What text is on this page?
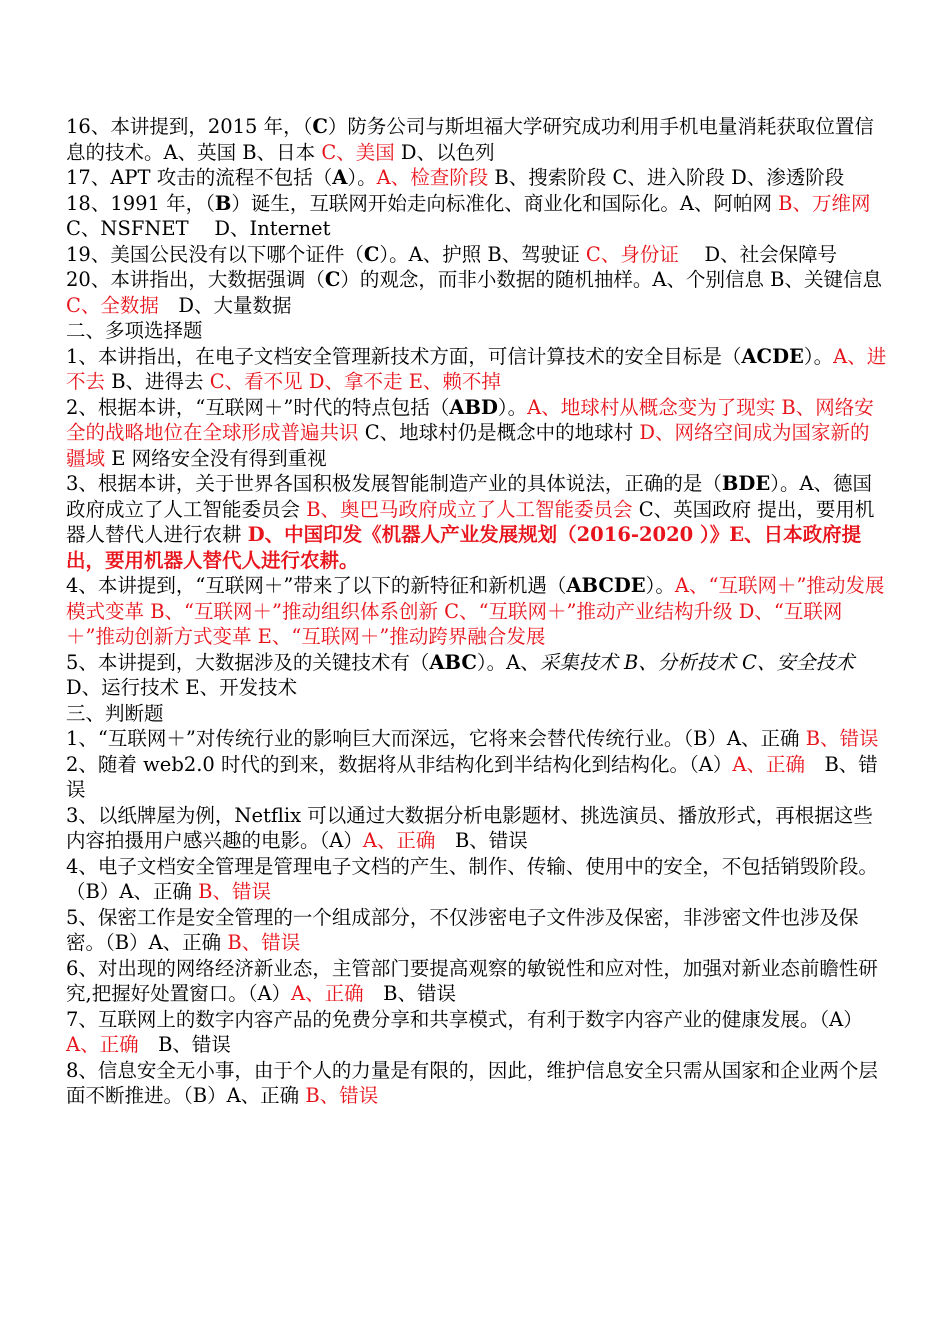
16、本讲提到，2015 年，（C）防务公司与斯坦福大学研究成功利用手机电量消耗获取位置信息的技术。A、英国 B、日本 C、美国 D、以色列

17、APT 攻击的流程不包括（A）。A、检查阶段 B、搜索阶段 C、进入阶段 D、渗透阶段

18、1991 年，（B）诞生，互联网开始走向标准化、商业化和国际化。A、阿帕网 B、万维网 C、NSFNET　 D、Internet

19、美国公民没有以下哪个证件（C）。A、护照 B、驾驶证 C、身份证　 D、社会保障号

20、本讲指出，大数据强调（C）的观念，而非小数据的随机抽样。A、个别信息 B、关键信息　C、全数据　D、大量数据

二、多项选择题

1、本讲指出，在电子文档安全管理新技术方面，可信计算技术的安全目标是（ACDE）。A、进不去 B、进得去 C、看不见 D、拿不走 E、赖不掉

2、根据本讲，“互联网＋”时代的特点包括（ABD）。A、地球村从概念变为了现实 B、网络安全的战略地位在全球形成普遍共识 C、地球村仍是概念中的地球村 D、网络空间成为国家新的疆域 E 网络安全没有得到重视

3、根据本讲，关于世界各国积极发展智能制造产业的具体说法，正确的是（BDE）。A、德国政府成立了人工智能委员会 B、奥巴马政府成立了人工智能委员会 C、英国政府 提出，要用机器人替代人进行农耕 D、中国印发《机器人产业发展规划（2016-2020 ）》E、日本政府提出，要用机器人替代人进行农耕。

4、本讲提到，“互联网＋”带来了以下的新特征和新机遇（ABCDE）。A、“互联网＋”推动发展模式变革 B、“互联网＋”推动组织体系创新 C、“互联网＋”推动产业结构升级 D、“互联网＋”推动创新方式变革 E、“互联网＋”推动跨界融合发展

5、本讲提到，大数据涉及的关键技术有（ABC）。A、采集技术 B、分析技术 C、安全技术 D、运行技术 E、开发技术

三、判断题

1、“互联网＋”对传统行业的影响巨大而深远，它将来会替代传统行业。（B）A、正确 B、错误

2、随着 web2.0 时代的到来，数据将从非结构化到半结构化到结构化。（A）A、正确　B、错误

3、以纸牌屋为例，Netflix 可以通过大数据分析电影题材、挑选演员、播放形式，再根据这些内容拍摄用户感兴趣的电影。（A）A、正确　B、错误

4、电子文档安全管理是管理电子文档的产生、制作、传输、使用中的安全，不包括销毁阶段。（B）A、正确 B、错误

5、保密工作是安全管理的一个组成部分，不仅涉密电子文件涉及保密，非涉密文件也涉及保密。（B）A、正确 B、错误

6、对出现的网络经济新业态，主管部门要提高观察的敏锐性和应对性，加强对新业态前瞻性研究,把握好处置窗口。（A）A、正确　B、错误

7、互联网上的数字内容产品的免费分享和共享模式，有利于数字内容产业的健康发展。（A）A、正确　B、错误

8、信息安全无小事，由于个人的力量是有限的，因此，维护信息安全只需从国家和企业两个层面不断推进。（B）A、正确 B、错误
